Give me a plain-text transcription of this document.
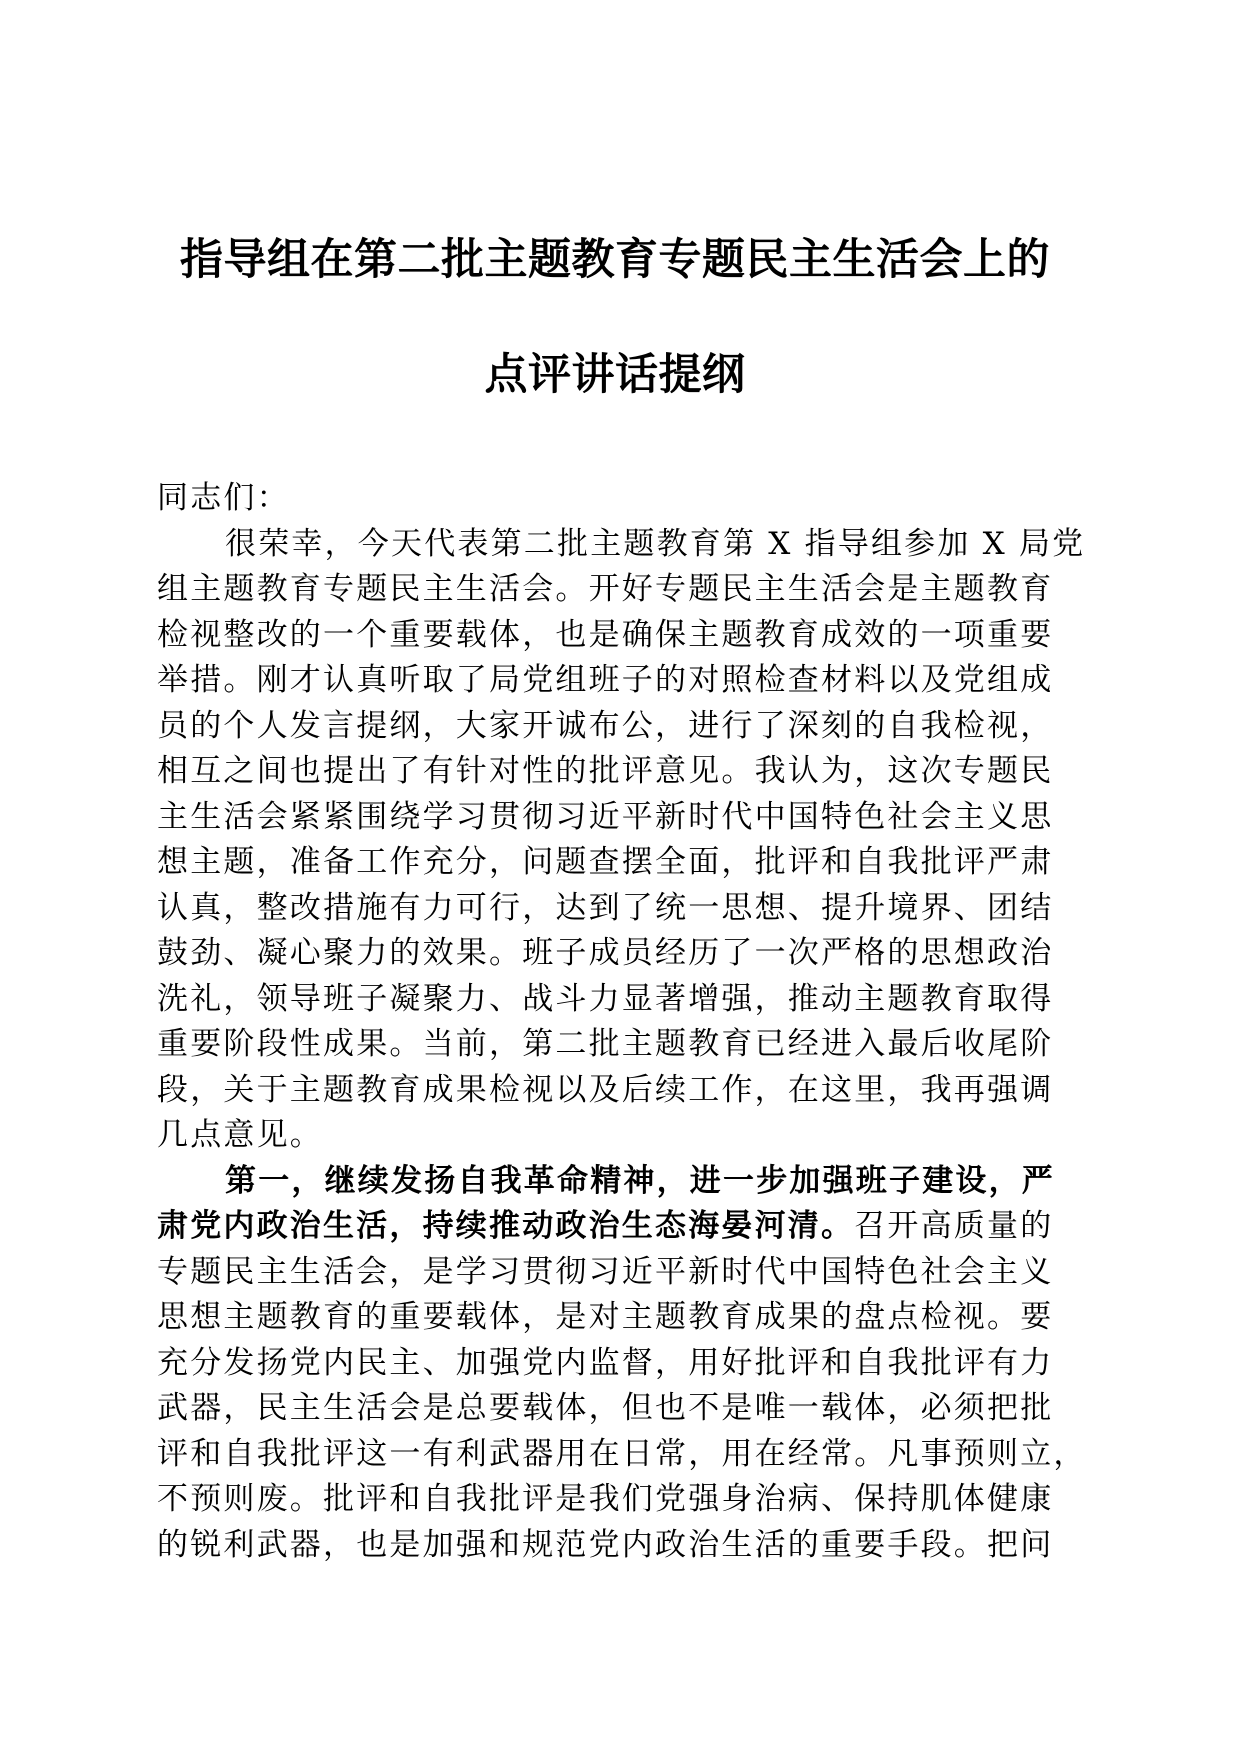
指导组在第二批主题教育专题民主生活会上的
点评讲话提纲
同志们：
很荣幸，今天代表第二批主题教育第 X 指导组参加 X 局党
组主题教育专题民主生活会。开好专题民主生活会是主题教育
检视整改的一个重要载体，也是确保主题教育成效的一项重要
举措。刚才认真听取了局党组班子的对照检查材料以及党组成
员的个人发言提纲，大家开诚布公，进行了深刻的自我检视，
相互之间也提出了有针对性的批评意见。我认为，这次专题民
主生活会紧紧围绕学习贯彻习近平新时代中国特色社会主义思
想主题，准备工作充分，问题查摆全面，批评和自我批评严肃
认真，整改措施有力可行，达到了统一思想、提升境界、团结
鼓劲、凝心聚力的效果。班子成员经历了一次严格的思想政治
洗礼，领导班子凝聚力、战斗力显著增强，推动主题教育取得
重要阶段性成果。当前，第二批主题教育已经进入最后收尾阶
段，关于主题教育成果检视以及后续工作，在这里，我再强调
几点意见。
第一，继续发扬自我革命精神，进一步加强班子建设，严
肃党内政治生活，持续推动政治生态海晏河清。召开高质量的
专题民主生活会，是学习贯彻习近平新时代中国特色社会主义
思想主题教育的重要载体，是对主题教育成果的盘点检视。要
充分发扬党内民主、加强党内监督，用好批评和自我批评有力
武器，民主生活会是总要载体，但也不是唯一载体，必须把批
评和自我批评这一有利武器用在日常，用在经常。凡事预则立，
不预则废。批评和自我批评是我们党强身治病、保持肌体健康
的锐利武器，也是加强和规范党内政治生活的重要手段。把问
